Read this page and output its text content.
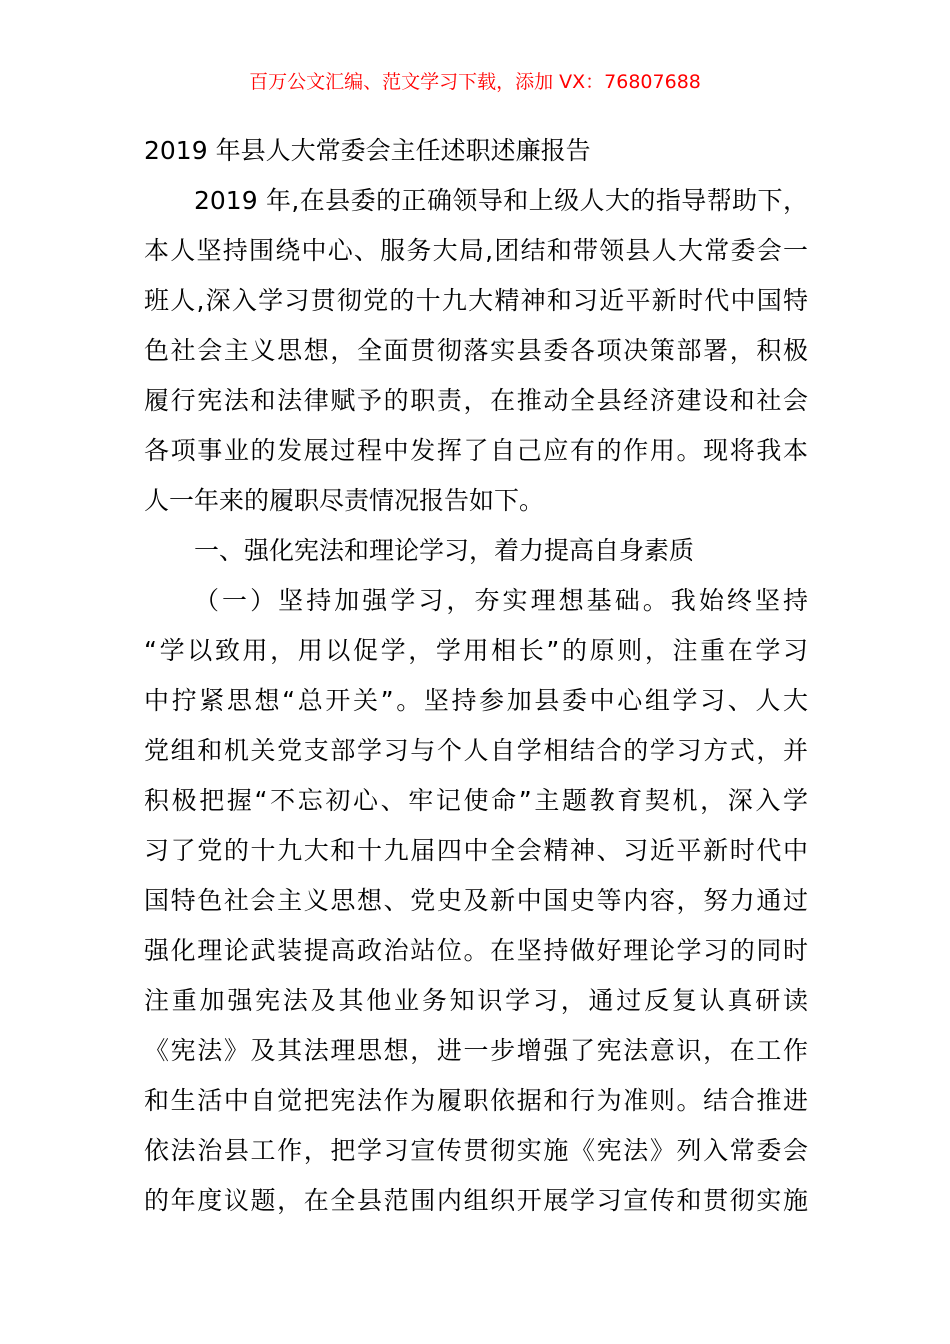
百万公文汇编、范文学习下载，添加 VX：76807688
2019 年县人大常委会主任述职述廉报告
2019 年,在县委的正确领导和上级人大的指导帮助下，
本人坚持围绕中心、服务大局,团结和带领县人大常委会一
班人,深入学习贯彻党的十九大精神和习近平新时代中国特
色社会主义思想，全面贯彻落实县委各项决策部署，积极
履行宪法和法律赋予的职责，在推动全县经济建设和社会
各项事业的发展过程中发挥了自己应有的作用。现将我本
人一年来的履职尽责情况报告如下。
一、强化宪法和理论学习，着力提高自身素质
（一）坚持加强学习，夯实理想基础。我始终坚持
“学以致用，用以促学，学用相长”的原则，注重在学习
中拧紧思想“总开关”。坚持参加县委中心组学习、人大
党组和机关党支部学习与个人自学相结合的学习方式，并
积极把握“不忘初心、牢记使命”主题教育契机，深入学
习了党的十九大和十九届四中全会精神、习近平新时代中
国特色社会主义思想、党史及新中国史等内容，努力通过
强化理论武装提高政治站位。在坚持做好理论学习的同时
注重加强宪法及其他业务知识学习，通过反复认真研读
《宪法》及其法理思想，进一步增强了宪法意识，在工作
和生活中自觉把宪法作为履职依据和行为准则。结合推进
依法治县工作，把学习宣传贯彻实施《宪法》列入常委会
的年度议题，在全县范围内组织开展学习宣传和贯彻实施
